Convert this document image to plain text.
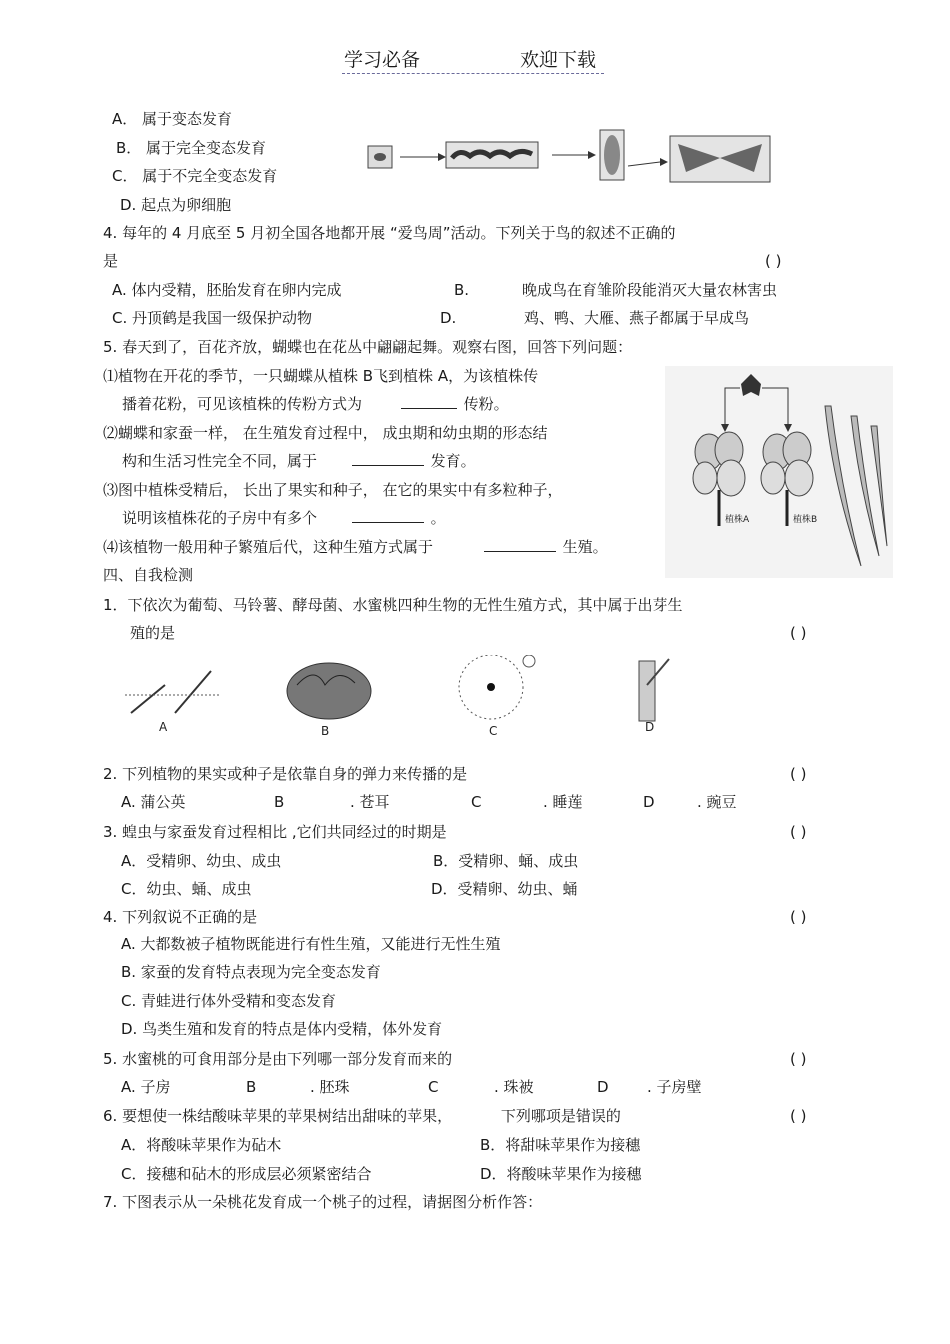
学习必备	欢迎下载
A． 属于变态发育
B． 属于完全变态发育
C． 属于不完全变态发育
D. 起点为卵细胞
4. 每年的 4 月底至 5 月初全国各地都开展 “爱鸟周”活动。下列关于鸟的叙述不正确的
是	( )
A. 体内受精，胚胎发育在卵内完成	B.	晚成鸟在育雏阶段能消灭大量农林害虫
C. 丹顶鹤是我国一级保护动物	D.	鸡、鸭、大雁、燕子都属于早成鸟
5. 春天到了，百花齐放，蝴蝶也在花丛中翩翩起舞。观察右图，回答下列问题：
⑴植物在开花的季节，一只蝴蝶从植株 B飞到植株 A，为该植株传
播着花粉，可见该植株的传粉方式为	传粉。
⑵蝴蝶和家蚕一样， 在生殖发育过程中， 成虫期和幼虫期的形态结
构和生活习性完全不同，属于	发育。
⑶图中植株受精后， 长出了果实和种子， 在它的果实中有多粒种子，
说明该植株花的子房中有多个	。
⑷该植物一般用种子繁殖后代，这种生殖方式属于	生殖。
植株A	植株B
四、自我检测
1．下依次为葡萄、马铃薯、酵母菌、水蜜桃四种生物的无性生殖方式，其中属于出芽生
殖的是	( )
A	B	C	D
2. 下列植物的果实或种子是依靠自身的弹力来传播的是	( )
A. 蒲公英	B	. 苍耳	C	. 睡莲	D	. 豌豆
3. 蝗虫与家蚕发育过程相比 ,它们共同经过的时期是	( )
A．受精卵、幼虫、成虫	B．受精卵、蛹、成虫
C．幼虫、蛹、成虫	D．受精卵、幼虫、蛹
4. 下列叙说不正确的是	( )
A. 大都数被子植物既能进行有性生殖，又能进行无性生殖
B. 家蚕的发育特点表现为完全变态发育
C. 青蛙进行体外受精和变态发育
D. 鸟类生殖和发育的特点是体内受精，体外发育
5. 水蜜桃的可食用部分是由下列哪一部分发育而来的	( )
A. 子房	B	. 胚珠	C	. 珠被	D	. 子房壁
6. 要想使一株结酸味苹果的苹果树结出甜味的苹果，	下列哪项是错误的	( )
A．将酸味苹果作为砧木	B．将甜味苹果作为接穗
C．接穗和砧木的形成层必须紧密结合	D．将酸味苹果作为接穗
7. 下图表示从一朵桃花发育成一个桃子的过程，请据图分析作答：
